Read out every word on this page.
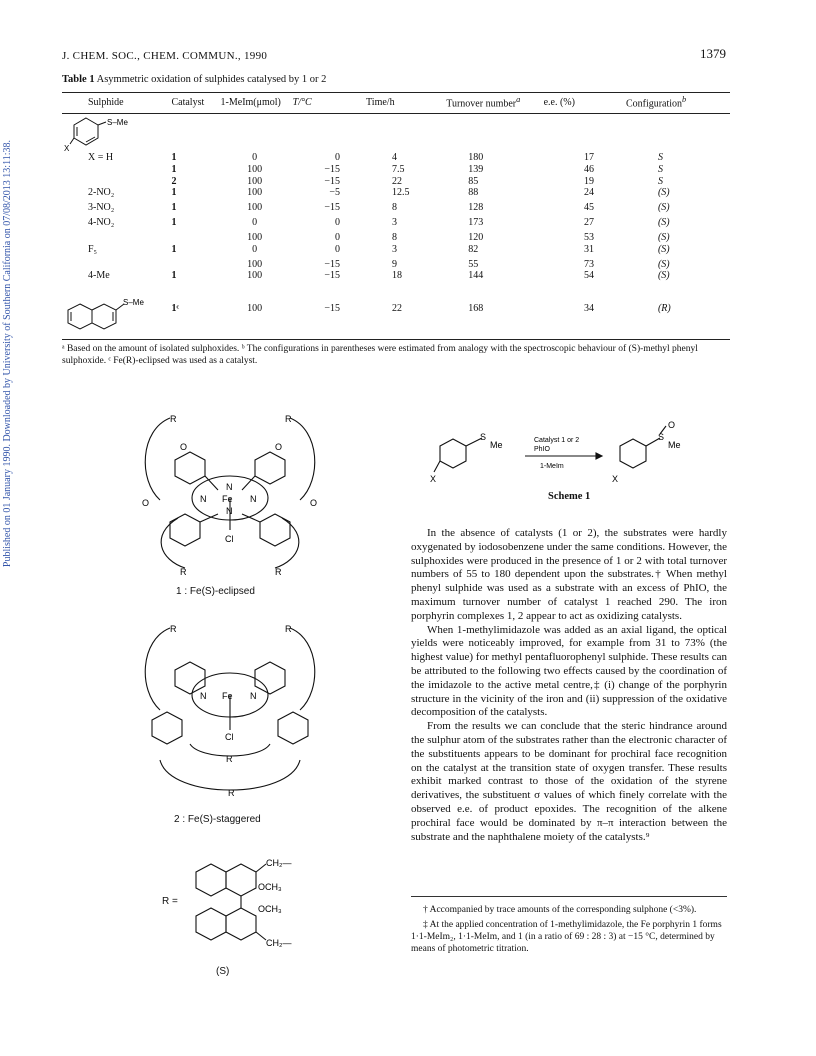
J. CHEM. SOC., CHEM. COMMUN., 1990	1379
Published on 01 January 1990. Downloaded by University of Southern California on 07/08/2013 13:11:38.
Table 1 Asymmetric oxidation of sulphides catalysed by 1 or 2
Sulphide	Catalyst	1-MeIm(μmol)	T/°C	Time/h	Turnover number$^a$	e.e. (%)	Configuration$^b$

S–Me
X							

X = H	1	0	0	4	180	17	S
	1	100	−15	7.5	139	46	S
	2	100	−15	22	85	19	S
2-NO₂	1	100	−5	12.5	88	24	(S)
3-NO₂	1	100	−15	8	128	45	(S)
4-NO₂	1	0	0	3	173	27	(S)
		100	0	8	120	53	(S)
F₅	1	0	0	3	82	31	(S)
		100	−15	9	55	73	(S)
4-Me	1	100	−15	18	144	54	(S)
	1ᶜ	100	−15	22	168	34	(R)
S–Me
ᵃ Based on the amount of isolated sulphoxides. ᵇ The configurations in parentheses were estimated from analogy with the spectroscopic behaviour of (S)-methyl phenyl sulphoxide. ᶜ Fe(R)-eclipsed was used as a catalyst.
R	R
O	O
N
N Fe N
N
Cl
O	O
R	R
1 : Fe(S)-eclipsed
R	R
N Fe N
Cl
R
R
2 : Fe(S)-staggered
R =
CH₂—
OCH₃
OCH₃
CH₂—
(S)
S
Me
X
Catalyst 1 or 2
PhIO
1-MeIm
S
O
Me
X
Scheme 1

In the absence of catalysts (1 or 2), the substrates were hardly oxygenated by iodosobenzene under the same conditions. However, the sulphoxides were produced in the presence of 1 or 2 with total turnover numbers of 55 to 180 dependent upon the substrates.† When methyl phenyl sulphide was used as a substrate with an excess of PhIO, the maximum turnover number of catalyst 1 reached 290. The iron porphyrin complexes 1, 2 appear to act as oxidizing catalysts.

When 1-methylimidazole was added as an axial ligand, the optical yields were noticeably improved, for example from 31 to 73% (the highest value) for methyl pentafluorophenyl sulphide. These results can be attributed to the following two effects caused by the coordination of the imidazole to the active metal centre,‡ (i) change of the porphyrin structure in the vicinity of the iron and (ii) suppression of the oxidative decomposition of the catalysts.

From the results we can conclude that the steric hindrance around the sulphur atom of the substrates rather than the electronic character of the substituents appears to be dominant for prochiral face recognition on the catalyst at the transition state of oxygen transfer. These results exhibit marked contrast to those of the oxidation of the styrene derivatives, the substituent σ values of which finely correlate with the observed e.e. of product epoxides. The recognition of the alkene prochiral face would be dominated by π–π interaction between the substrate and the naphthalene moiety of the catalysts.⁹

† Accompanied by trace amounts of the corresponding sulphone (<3%).

‡ At the applied concentration of 1-methylimidazole, the Fe porphyrin 1 forms 1·1-MeIm₂, 1·1-MeIm, and 1 (in a ratio of 69 : 28 : 3) at −15 °C, determined by means of photometric titration.
